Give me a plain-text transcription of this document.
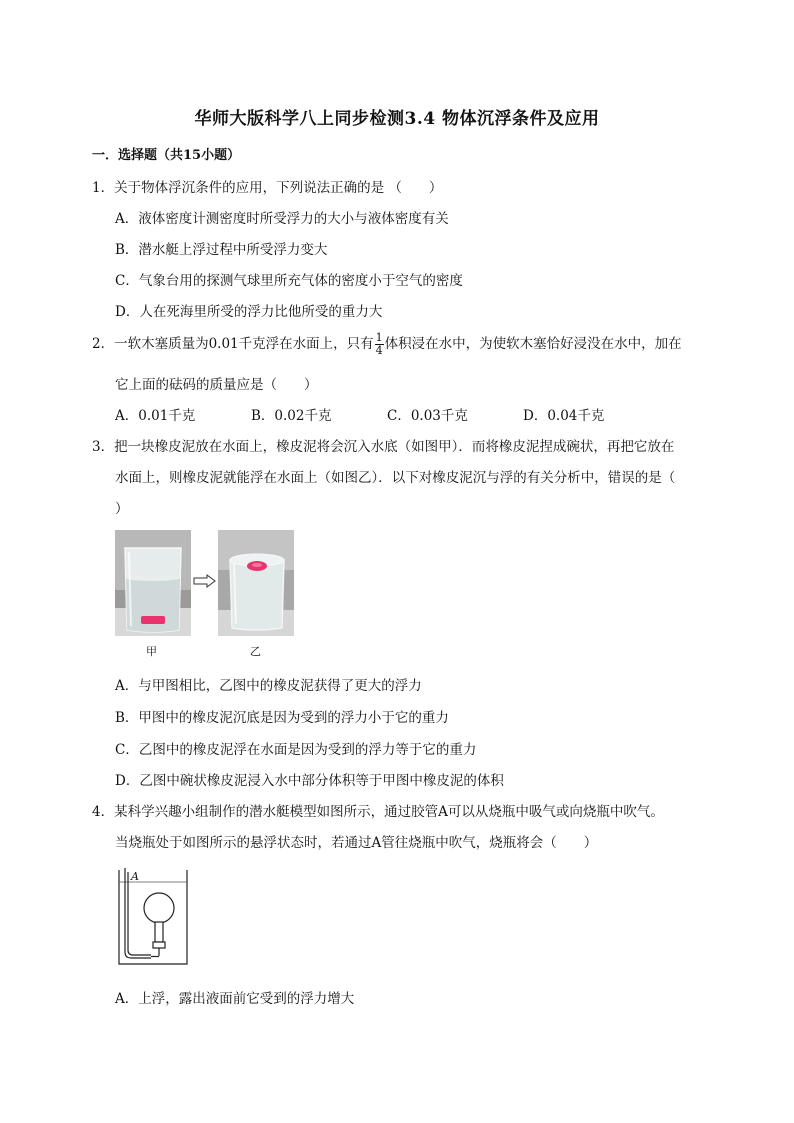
华师大版科学八上同步检测3.4 物体沉浮条件及应用
一．选择题（共15小题）
1．关于物体浮沉条件的应用，下列说法正确的是 （　　）
A．液体密度计测密度时所受浮力的大小与液体密度有关
B．潜水艇上浮过程中所受浮力变大
C．气象台用的探测气球里所充气体的密度小于空气的密度
D．人在死海里所受的浮力比他所受的重力大
2．一软木塞质量为0.01千克浮在水面上，只有 $\frac{1}{4}$ 体积浸在水中，为使软木塞恰好浸没在水中，加在
它上面的砝码的质量应是（　　）
A．0.01千克	B．0.02千克	C．0.03千克	D．0.04千克
3．把一块橡皮泥放在水面上，橡皮泥将会沉入水底（如图甲）．而将橡皮泥捏成碗状，再把它放在
水面上，则橡皮泥就能浮在水面上（如图乙）．以下对橡皮泥沉与浮的有关分析中，错误的是（
）
甲	乙
A．与甲图相比，乙图中的橡皮泥获得了更大的浮力
B．甲图中的橡皮泥沉底是因为受到的浮力小于它的重力
C．乙图中的橡皮泥浮在水面是因为受到的浮力等于它的重力
D．乙图中碗状橡皮泥浸入水中部分体积等于甲图中橡皮泥的体积
4．某科学兴趣小组制作的潜水艇模型如图所示，通过胶管A可以从烧瓶中吸气或向烧瓶中吹气。
当烧瓶处于如图所示的悬浮状态时，若通过A管往烧瓶中吹气，烧瓶将会（　　）
A
A．上浮，露出液面前它受到的浮力增大
